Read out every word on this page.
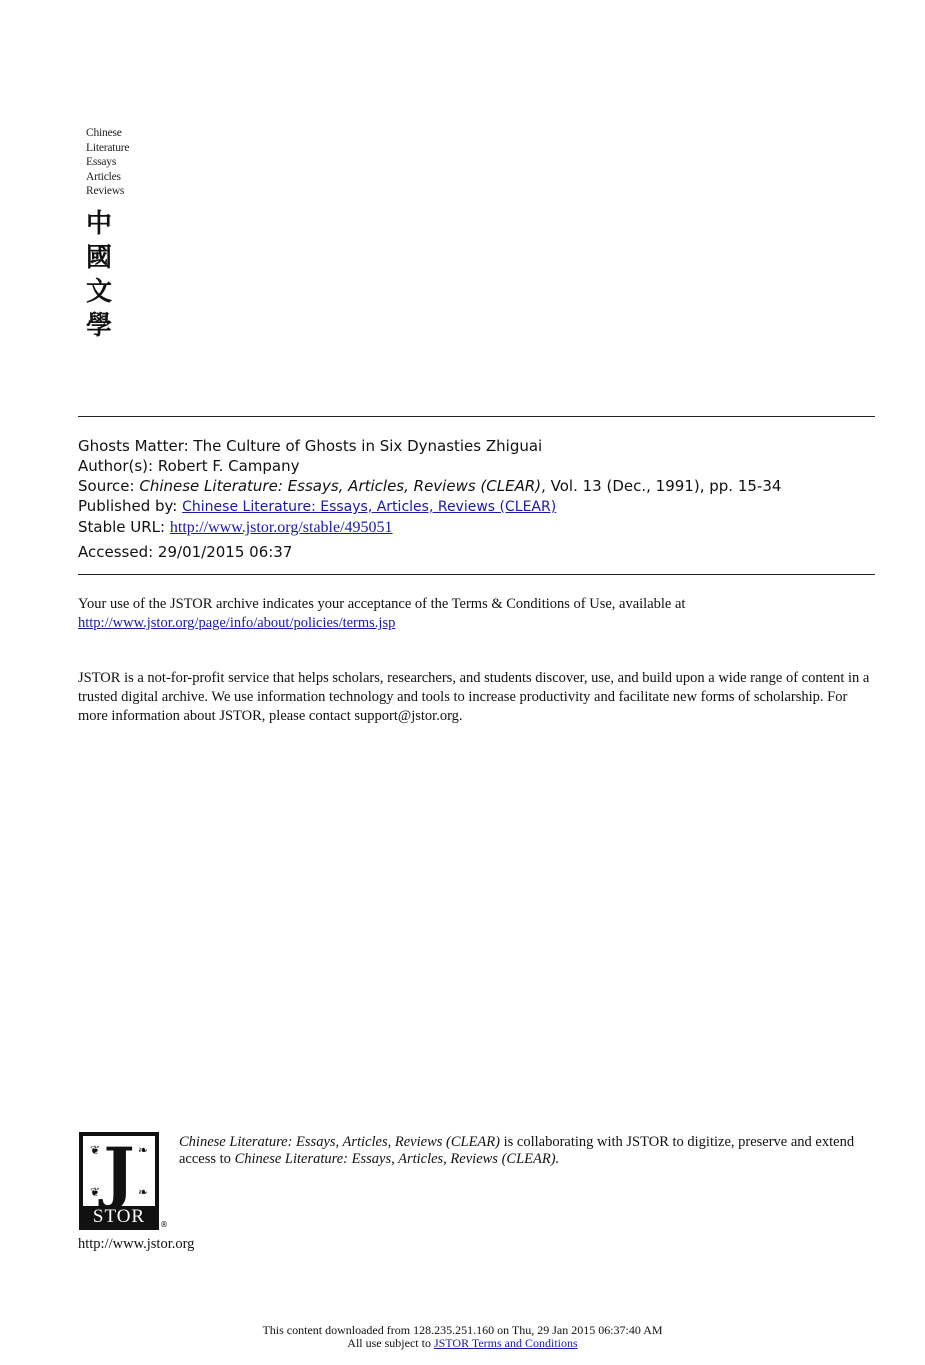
Chinese
Literature
Essays
Articles
Reviews
中
國
文
學
Ghosts Matter: The Culture of Ghosts in Six Dynasties Zhiguai
Author(s): Robert F. Campany
Source: Chinese Literature: Essays, Articles, Reviews (CLEAR), Vol. 13 (Dec., 1991), pp. 15-34
Published by: Chinese Literature: Essays, Articles, Reviews (CLEAR)
Stable URL: http://www.jstor.org/stable/495051
Accessed: 29/01/2015 06:37
Your use of the JSTOR archive indicates your acceptance of the Terms & Conditions of Use, available at
http://www.jstor.org/page/info/about/policies/terms.jsp
JSTOR is a not-for-profit service that helps scholars, researchers, and students discover, use, and build upon a wide range of content in a trusted digital archive. We use information technology and tools to increase productivity and facilitate new forms of scholarship. For more information about JSTOR, please contact support@jstor.org.
❦	❧
❦	❧
J
STOR	®
Chinese Literature: Essays, Articles, Reviews (CLEAR) is collaborating with JSTOR to digitize, preserve and extend access to Chinese Literature: Essays, Articles, Reviews (CLEAR).
http://www.jstor.org
This content downloaded from 128.235.251.160 on Thu, 29 Jan 2015 06:37:40 AM
All use subject to JSTOR Terms and Conditions
